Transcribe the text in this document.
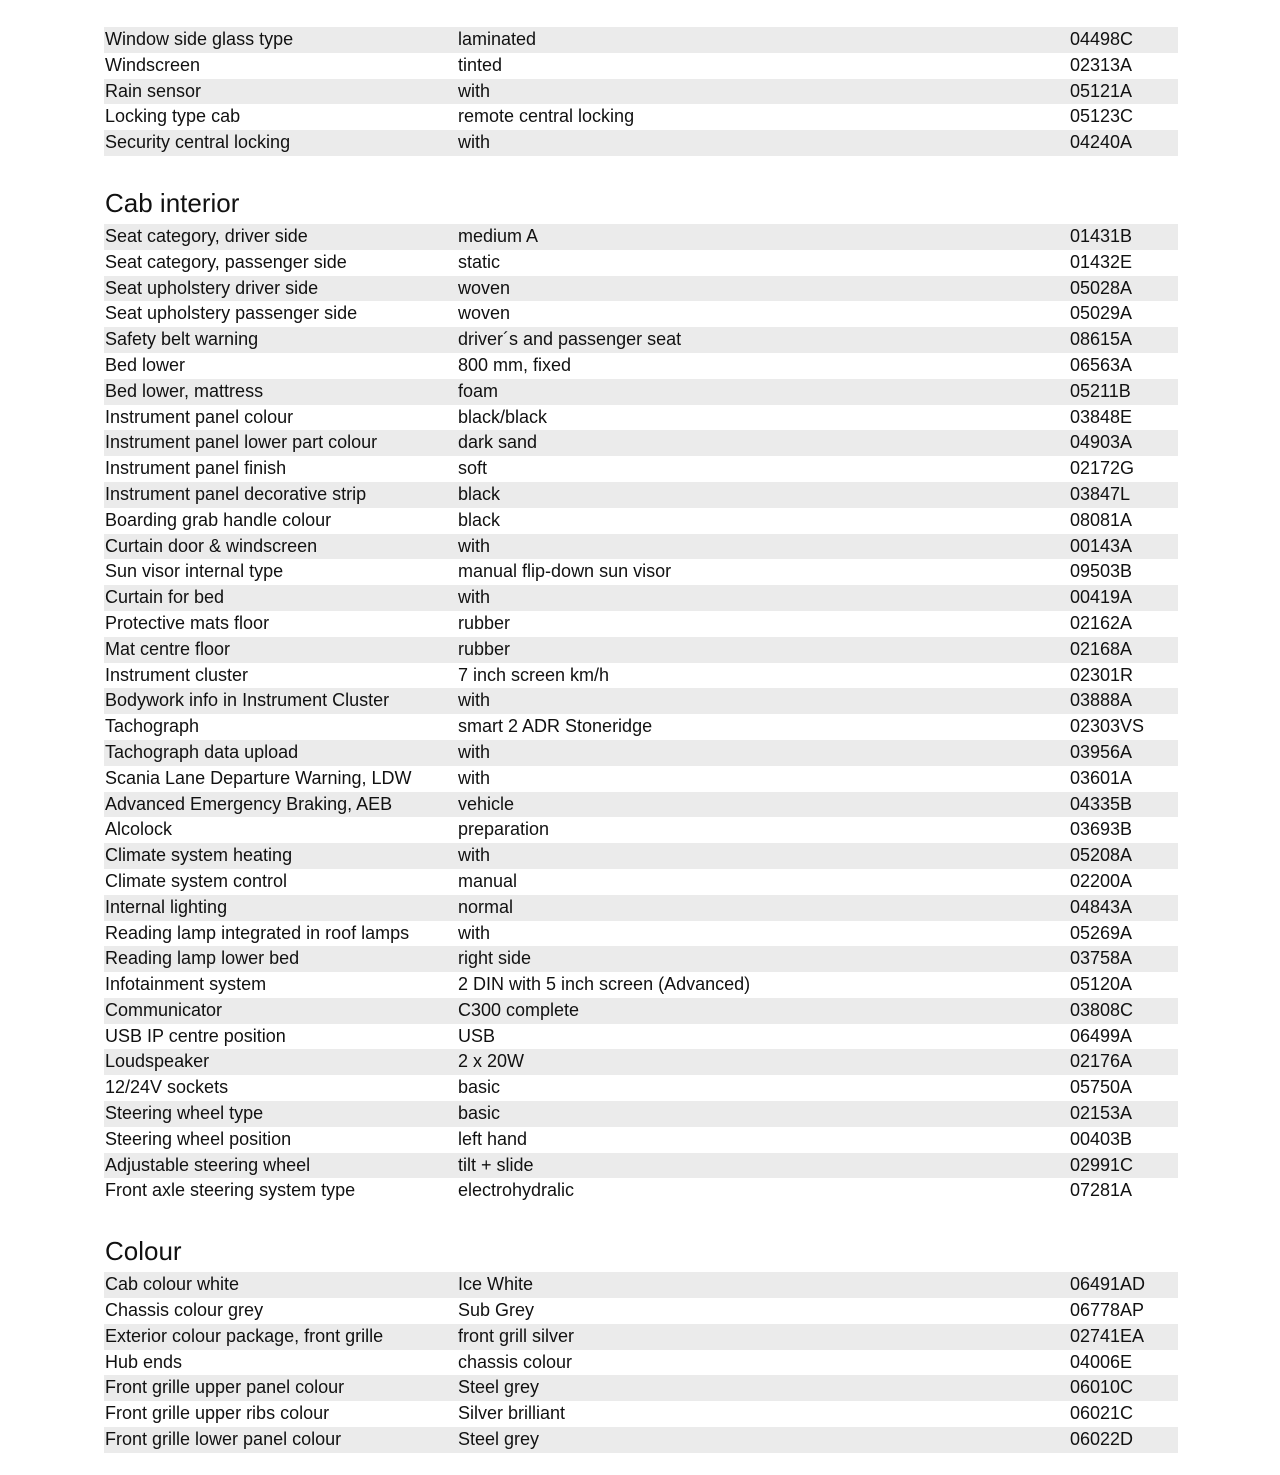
Window side glass type	laminated	04498C
Windscreen	tinted	02313A
Rain sensor	with	05121A
Locking type cab	remote central locking	05123C
Security central locking	with	04240A
Cab interior
Seat category, driver side	medium A	01431B
Seat category, passenger side	static	01432E
Seat upholstery driver side	woven	05028A
Seat upholstery passenger side	woven	05029A
Safety belt warning	driver´s and passenger seat	08615A
Bed lower	800 mm, fixed	06563A
Bed lower, mattress	foam	05211B
Instrument panel colour	black/black	03848E
Instrument panel lower part colour	dark sand	04903A
Instrument panel finish	soft	02172G
Instrument panel decorative strip	black	03847L
Boarding grab handle colour	black	08081A
Curtain door & windscreen	with	00143A
Sun visor internal type	manual flip-down sun visor	09503B
Curtain for bed	with	00419A
Protective mats floor	rubber	02162A
Mat centre floor	rubber	02168A
Instrument cluster	7 inch screen km/h	02301R
Bodywork info in Instrument Cluster	with	03888A
Tachograph	smart 2 ADR Stoneridge	02303VS
Tachograph data upload	with	03956A
Scania Lane Departure Warning, LDW	with	03601A
Advanced Emergency Braking, AEB	vehicle	04335B
Alcolock	preparation	03693B
Climate system heating	with	05208A
Climate system control	manual	02200A
Internal lighting	normal	04843A
Reading lamp integrated in roof lamps	with	05269A
Reading lamp lower bed	right side	03758A
Infotainment system	2 DIN with 5 inch screen (Advanced)	05120A
Communicator	C300 complete	03808C
USB IP centre position	USB	06499A
Loudspeaker	2 x 20W	02176A
12/24V sockets	basic	05750A
Steering wheel type	basic	02153A
Steering wheel position	left hand	00403B
Adjustable steering wheel	tilt + slide	02991C
Front axle steering system type	electrohydralic	07281A
Colour
Cab colour white	Ice White	06491AD
Chassis colour grey	Sub Grey	06778AP
Exterior colour package, front grille	front grill silver	02741EA
Hub ends	chassis colour	04006E
Front grille upper panel colour	Steel grey	06010C
Front grille upper ribs colour	Silver brilliant	06021C
Front grille lower panel colour	Steel grey	06022D
